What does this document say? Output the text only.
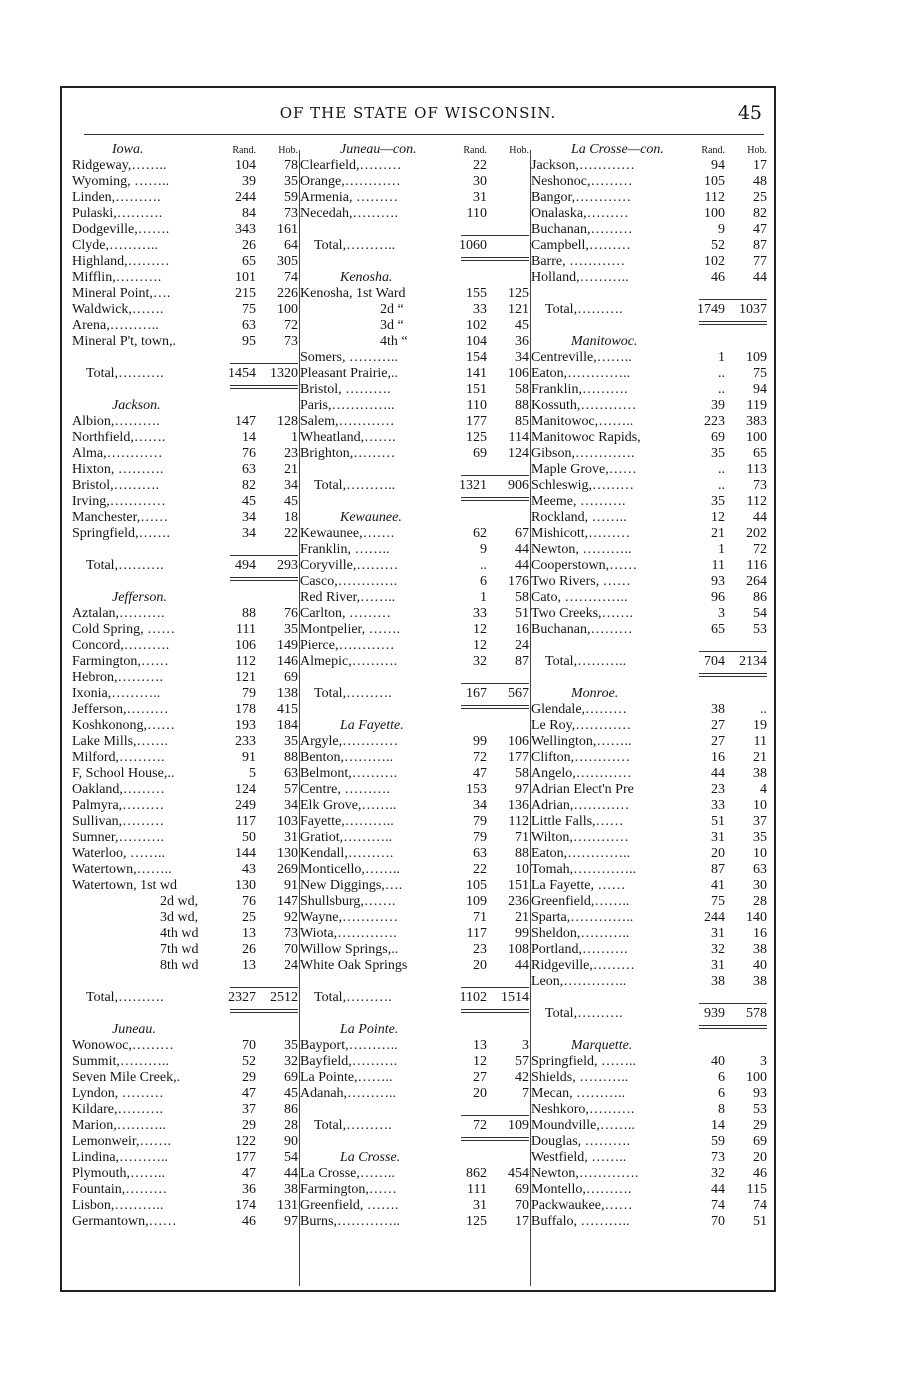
OF THE STATE OF WISCONSIN.	45
Iowa.	Rand.	Hob.
Ridgeway,……..	104	78
Wyoming, ……..	39	35
Linden,……….	244	59
Pulaski,……….	84	73
Dodgeville,…….	343	161
Clyde,………..	26	64
Highland,………	65	305
Mifflin,……….	101	74
Mineral Point,….	215	226
Waldwick,…….	75	100
Arena,………..	63	72
Mineral P't, town,.	95	73
Total,……….	1454	1320
Jackson.
Albion,……….	147	128
Northfield,…….	14	1
Alma,…………	76	23
Hixton, ……….	63	21
Bristol,……….	82	34
Irving,…………	45	45
Manchester,……	34	18
Springfield,…….	34	22
Total,……….	494	293
Jefferson.
Aztalan,……….	88	76
Cold Spring, ……	111	35
Concord,……….	106	149
Farmington,……	112	146
Hebron,……….	121	69
Ixonia,………..	79	138
Jefferson,………	178	415
Koshkonong,……	193	184
Lake Mills,…….	233	35
Milford,……….	91	88
F, School House,..	5	63
Oakland,………	124	57
Palmyra,………	249	34
Sullivan,………	117	103
Sumner,……….	50	31
Waterloo, ……..	144	130
Watertown,……..	43	269
Watertown, 1st wd	130	91
2d wd,	76	147
3d wd,	25	92
4th wd	13	73
7th wd	26	70
8th wd	13	24
Total,……….	2327	2512
Juneau.
Wonowoc,………	70	35
Summit,………..	52	32
Seven Mile Creek,.	29	69
Lyndon, ………	47	45
Kildare,……….	37	86
Marion,………..	29	28
Lemonweir,…….	122	90
Lindina,………..	177	54
Plymouth,……..	47	44
Fountain,………	36	38
Lisbon,………..	174	131
Germantown,……	46	97
Juneau—con.	Rand.	Hob.
Clearfield,………	22
Orange,…………	30
Armenia, ………	31
Necedah,……….	110
Total,………..	1060
Kenosha.
Kenosha, 1st Ward	155	125
2d “	33	121
3d “	102	45
4th “	104	36
Somers, ………..	154	34
Pleasant Prairie,..	141	106
Bristol, ……….	151	58
Paris,…………..	110	88
Salem,…………	177	85
Wheatland,…….	125	114
Brighton,………	69	124
Total,………..	1321	906
Kewaunee.
Kewaunee,…….	62	67
Franklin, ……..	9	44
Coryville,………	..	44
Casco,………….	6	176
Red River,……..	1	58
Carlton, ………	33	51
Montpelier, …….	12	16
Pierce,…………	12	24
Almepic,……….	32	87
Total,……….	167	567
La Fayette.
Argyle,…………	99	106
Benton,………..	72	177
Belmont,……….	47	58
Centre, ……….	153	97
Elk Grove,……..	34	136
Fayette,………..	79	112
Gratiot,………..	79	71
Kendall,……….	63	88
Monticello,……..	22	10
New Diggings,….	105	151
Shullsburg,…….	109	236
Wayne,…………	71	21
Wiota,………….	117	99
Willow Springs,..	23	108
White Oak Springs	20	44
Total,……….	1102	1514
La Pointe.
Bayport,………..	13	3
Bayfield,……….	12	57
La Pointe,……..	27	42
Adanah,………..	20	7
Total,……….	72	109
La Crosse.
La Crosse,……..	862	454
Farmington,……	111	69
Greenfield, …….	31	70
Burns,…………..	125	17
La Crosse—con.	Rand.	Hob.
Jackson,…………	94	17
Neshonoc,………	105	48
Bangor,…………	112	25
Onalaska,………	100	82
Buchanan,………	9	47
Campbell,………	52	87
Barre, …………	102	77
Holland,………..	46	44
Total,……….	1749	1037
Manitowoc.
Centreville,……..	1	109
Eaton,…………..	..	75
Franklin,……….	..	94
Kossuth,…………	39	119
Manitowoc,……..	223	383
Manitowoc Rapids,	69	100
Gibson,………….	35	65
Maple Grove,……	..	113
Schleswig,………	..	73
Meeme, ……….	35	112
Rockland, ……..	12	44
Mishicott,………	21	202
Newton, ………..	1	72
Cooperstown,……	11	116
Two Rivers, ……	93	264
Cato, …………..	96	86
Two Creeks,…….	3	54
Buchanan,………	65	53
Total,………..	704	2134
Monroe.
Glendale,………	38	..
Le Roy,…………	27	19
Wellington,……..	27	11
Clifton,…………	16	21
Angelo,…………	44	38
Adrian Elect'n Pre	23	4
Adrian,…………	33	10
Little Falls,……	51	37
Wilton,…………	31	35
Eaton,…………..	20	10
Tomah,…………..	87	63
La Fayette, ……	41	30
Greenfield,……..	75	28
Sparta,…………..	244	140
Sheldon,………..	31	16
Portland,……….	32	38
Ridgeville,………	31	40
Leon,…………..	38	38
Total,……….	939	578
Marquette.
Springfield, ……..	40	3
Shields, ………..	6	100
Mecan, ………..	6	93
Neshkoro,……….	8	53
Moundville,……..	14	29
Douglas, ……….	59	69
Westfield, ……..	73	20
Newton,………….	32	46
Montello,……….	44	115
Packwaukee,……	74	74
Buffalo, ………..	70	51
